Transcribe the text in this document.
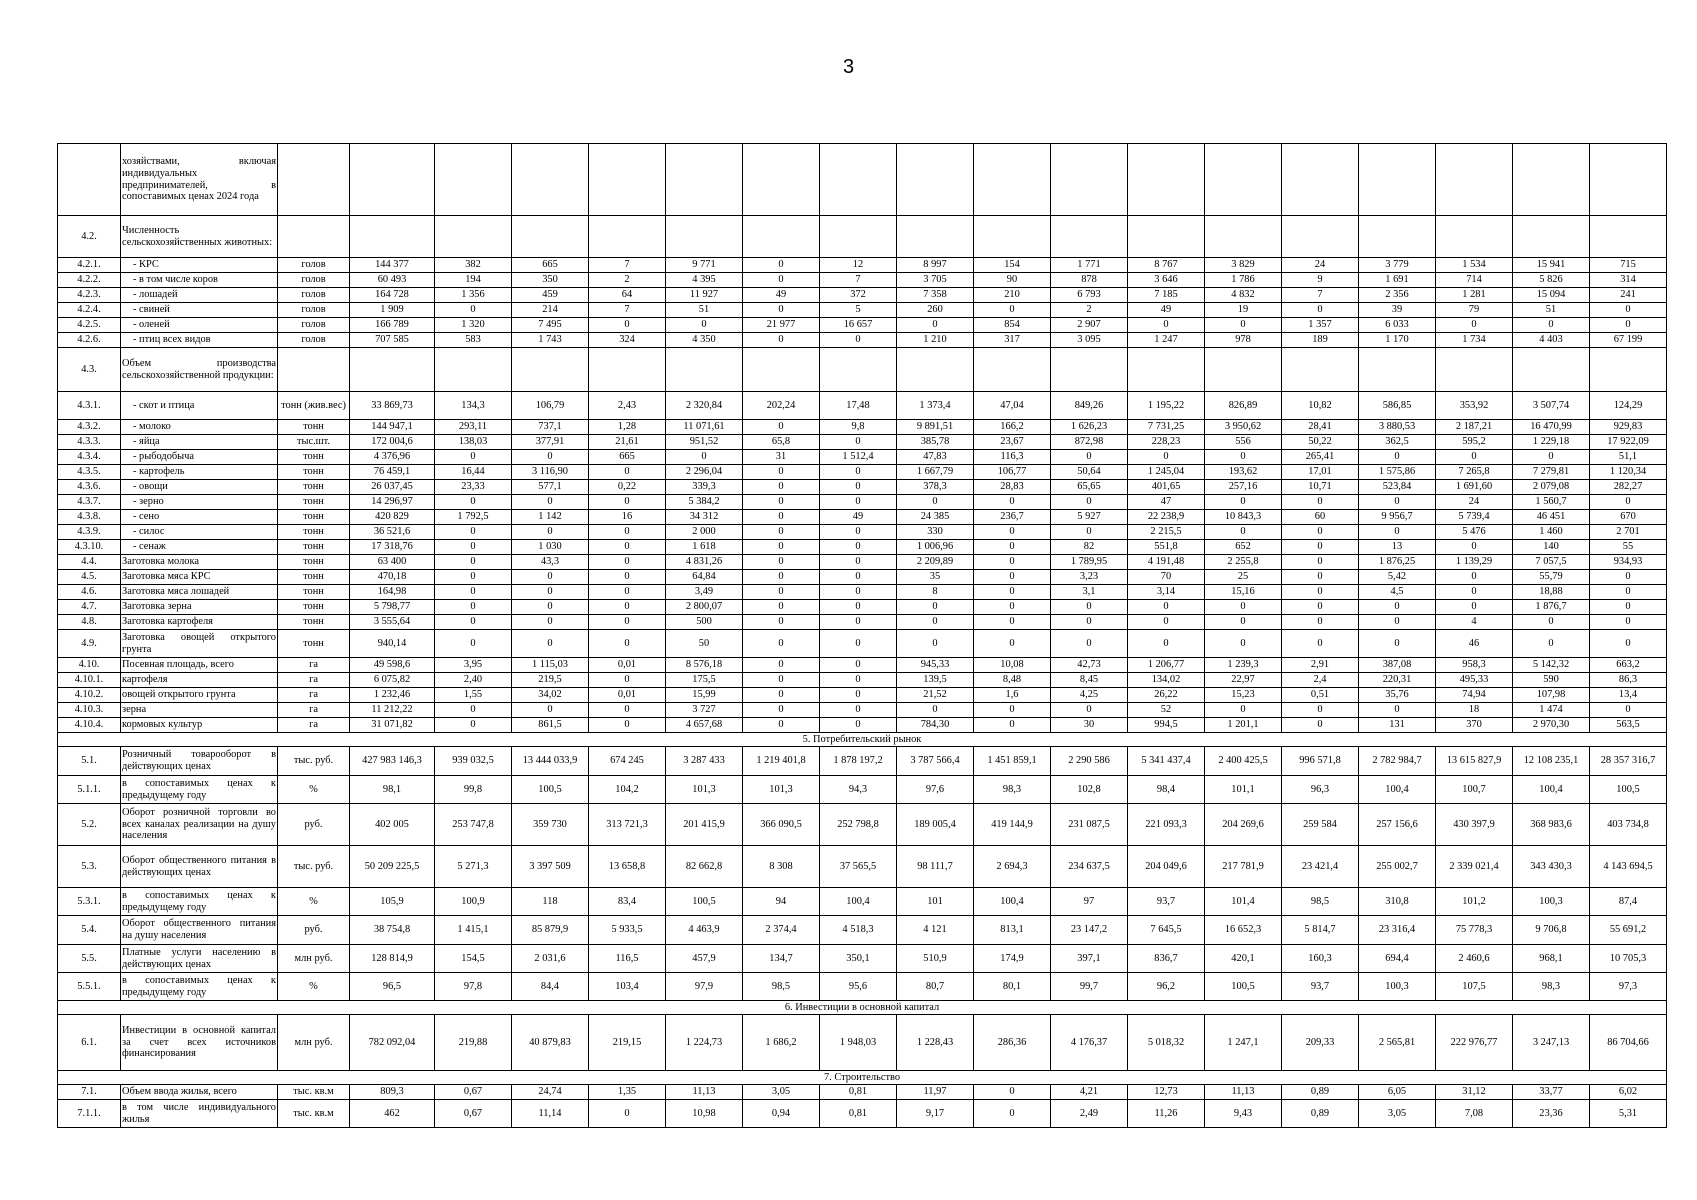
3
	хозяйствами, включая индивидуальных предпринимателей, в сопоставимых ценах 2024 года																		
4.2.	Численность сельскохозяйственных животных:																		
4.2.1.	- КРС	голов	144 377	382	665	7	9 771	0	12	8 997	154	1 771	8 767	3 829	24	3 779	1 534	15 941	715
4.2.2.	- в том числе коров	голов	60 493	194	350	2	4 395	0	7	3 705	90	878	3 646	1 786	9	1 691	714	5 826	314
4.2.3.	- лошадей	голов	164 728	1 356	459	64	11 927	49	372	7 358	210	6 793	7 185	4 832	7	2 356	1 281	15 094	241
4.2.4.	- свиней	голов	1 909	0	214	7	51	0	5	260	0	2	49	19	0	39	79	51	0
4.2.5.	- оленей	голов	166 789	1 320	7 495	0	0	21 977	16 657	0	854	2 907	0	0	1 357	6 033	0	0	0
4.2.6.	- птиц всех видов	голов	707 585	583	1 743	324	4 350	0	0	1 210	317	3 095	1 247	978	189	1 170	1 734	4 403	67 199
4.3.	Объем производства сельскохозяйственной продукции:																		
4.3.1.	- скот и птица	тонн (жив.вес)	33 869,73	134,3	106,79	2,43	2 320,84	202,24	17,48	1 373,4	47,04	849,26	1 195,22	826,89	10,82	586,85	353,92	3 507,74	124,29
4.3.2.	- молоко	тонн	144 947,1	293,11	737,1	1,28	11 071,61	0	9,8	9 891,51	166,2	1 626,23	7 731,25	3 950,62	28,41	3 880,53	2 187,21	16 470,99	929,83
4.3.3.	- яйца	тыс.шт.	172 004,6	138,03	377,91	21,61	951,52	65,8	0	385,78	23,67	872,98	228,23	556	50,22	362,5	595,2	1 229,18	17 922,09
4.3.4.	- рыбодобыча	тонн	4 376,96	0	0	665	0	31	1 512,4	47,83	116,3	0	0	0	265,41	0	0	0	51,1
4.3.5.	- картофель	тонн	76 459,1	16,44	3 116,90	0	2 296,04	0	0	1 667,79	106,77	50,64	1 245,04	193,62	17,01	1 575,86	7 265,8	7 279,81	1 120,34
4.3.6.	- овощи	тонн	26 037,45	23,33	577,1	0,22	339,3	0	0	378,3	28,83	65,65	401,65	257,16	10,71	523,84	1 691,60	2 079,08	282,27
4.3.7.	- зерно	тонн	14 296,97	0	0	0	5 384,2	0	0	0	0	0	47	0	0	0	24	1 560,7	0
4.3.8.	- сено	тонн	420 829	1 792,5	1 142	16	34 312	0	49	24 385	236,7	5 927	22 238,9	10 843,3	60	9 956,7	5 739,4	46 451	670
4.3.9.	- силос	тонн	36 521,6	0	0	0	2 000	0	0	330	0	0	2 215,5	0	0	0	5 476	1 460	2 701
4.3.10.	- сенаж	тонн	17 318,76	0	1 030	0	1 618	0	0	1 006,96	0	82	551,8	652	0	13	0	140	55
4.4.	Заготовка молока	тонн	63 400	0	43,3	0	4 831,26	0	0	2 209,89	0	1 789,95	4 191,48	2 255,8	0	1 876,25	1 139,29	7 057,5	934,93
4.5.	Заготовка мяса КРС	тонн	470,18	0	0	0	64,84	0	0	35	0	3,23	70	25	0	5,42	0	55,79	0
4.6.	Заготовка мяса лошадей	тонн	164,98	0	0	0	3,49	0	0	8	0	3,1	3,14	15,16	0	4,5	0	18,88	0
4.7.	Заготовка зерна	тонн	5 798,77	0	0	0	2 800,07	0	0	0	0	0	0	0	0	0	0	1 876,7	0
4.8.	Заготовка картофеля	тонн	3 555,64	0	0	0	500	0	0	0	0	0	0	0	0	0	4	0	0
4.9.	Заготовка овощей открытого грунта	тонн	940,14	0	0	0	50	0	0	0	0	0	0	0	0	0	46	0	0
4.10.	Посевная площадь, всего	га	49 598,6	3,95	1 115,03	0,01	8 576,18	0	0	945,33	10,08	42,73	1 206,77	1 239,3	2,91	387,08	958,3	5 142,32	663,2
4.10.1.	картофеля	га	6 075,82	2,40	219,5	0	175,5	0	0	139,5	8,48	8,45	134,02	22,97	2,4	220,31	495,33	590	86,3
4.10.2.	овощей открытого грунта	га	1 232,46	1,55	34,02	0,01	15,99	0	0	21,52	1,6	4,25	26,22	15,23	0,51	35,76	74,94	107,98	13,4
4.10.3.	зерна	га	11 212,22	0	0	0	3 727	0	0	0	0	0	52	0	0	0	18	1 474	0
4.10.4.	кормовых культур	га	31 071,82	0	861,5	0	4 657,68	0	0	784,30	0	30	994,5	1 201,1	0	131	370	2 970,30	563,5
5. Потребительский рынок																			
5.1.	Розничный товарооборот в действующих ценах	тыс. руб.	427 983 146,3	939 032,5	13 444 033,9	674 245	3 287 433	1 219 401,8	1 878 197,2	3 787 566,4	1 451 859,1	2 290 586	5 341 437,4	2 400 425,5	996 571,8	2 782 984,7	13 615 827,9	12 108 235,1	28 357 316,7
5.1.1.	в сопоставимых ценах к предыдущему году	%	98,1	99,8	100,5	104,2	101,3	101,3	94,3	97,6	98,3	102,8	98,4	101,1	96,3	100,4	100,7	100,4	100,5
5.2.	Оборот розничной торговли во всех каналах реализации на душу населения	руб.	402 005	253 747,8	359 730	313 721,3	201 415,9	366 090,5	252 798,8	189 005,4	419 144,9	231 087,5	221 093,3	204 269,6	259 584	257 156,6	430 397,9	368 983,6	403 734,8
5.3.	Оборот общественного питания в действующих ценах	тыс. руб.	50 209 225,5	5 271,3	3 397 509	13 658,8	82 662,8	8 308	37 565,5	98 111,7	2 694,3	234 637,5	204 049,6	217 781,9	23 421,4	255 002,7	2 339 021,4	343 430,3	4 143 694,5
5.3.1.	в сопоставимых ценах к предыдущему году	%	105,9	100,9	118	83,4	100,5	94	100,4	101	100,4	97	93,7	101,4	98,5	310,8	101,2	100,3	87,4
5.4.	Оборот общественного питания на душу населения	руб.	38 754,8	1 415,1	85 879,9	5 933,5	4 463,9	2 374,4	4 518,3	4 121	813,1	23 147,2	7 645,5	16 652,3	5 814,7	23 316,4	75 778,3	9 706,8	55 691,2
5.5.	Платные услуги населению в действующих ценах	млн руб.	128 814,9	154,5	2 031,6	116,5	457,9	134,7	350,1	510,9	174,9	397,1	836,7	420,1	160,3	694,4	2 460,6	968,1	10 705,3
5.5.1.	в сопоставимых ценах к предыдущему году	%	96,5	97,8	84,4	103,4	97,9	98,5	95,6	80,7	80,1	99,7	96,2	100,5	93,7	100,3	107,5	98,3	97,3
6. Инвестиции в основной капитал																			
6.1.	Инвестиции в основной капитал за счет всех источников финансирования	млн руб.	782 092,04	219,88	40 879,83	219,15	1 224,73	1 686,2	1 948,03	1 228,43	286,36	4 176,37	5 018,32	1 247,1	209,33	2 565,81	222 976,77	3 247,13	86 704,66
7. Строительство																			
7.1.	Объем ввода жилья, всего	тыс. кв.м	809,3	0,67	24,74	1,35	11,13	3,05	0,81	11,97	0	4,21	12,73	11,13	0,89	6,05	31,12	33,77	6,02
7.1.1.	в том числе индивидуального жилья	тыс. кв.м	462	0,67	11,14	0	10,98	0,94	0,81	9,17	0	2,49	11,26	9,43	0,89	3,05	7,08	23,36	5,31
